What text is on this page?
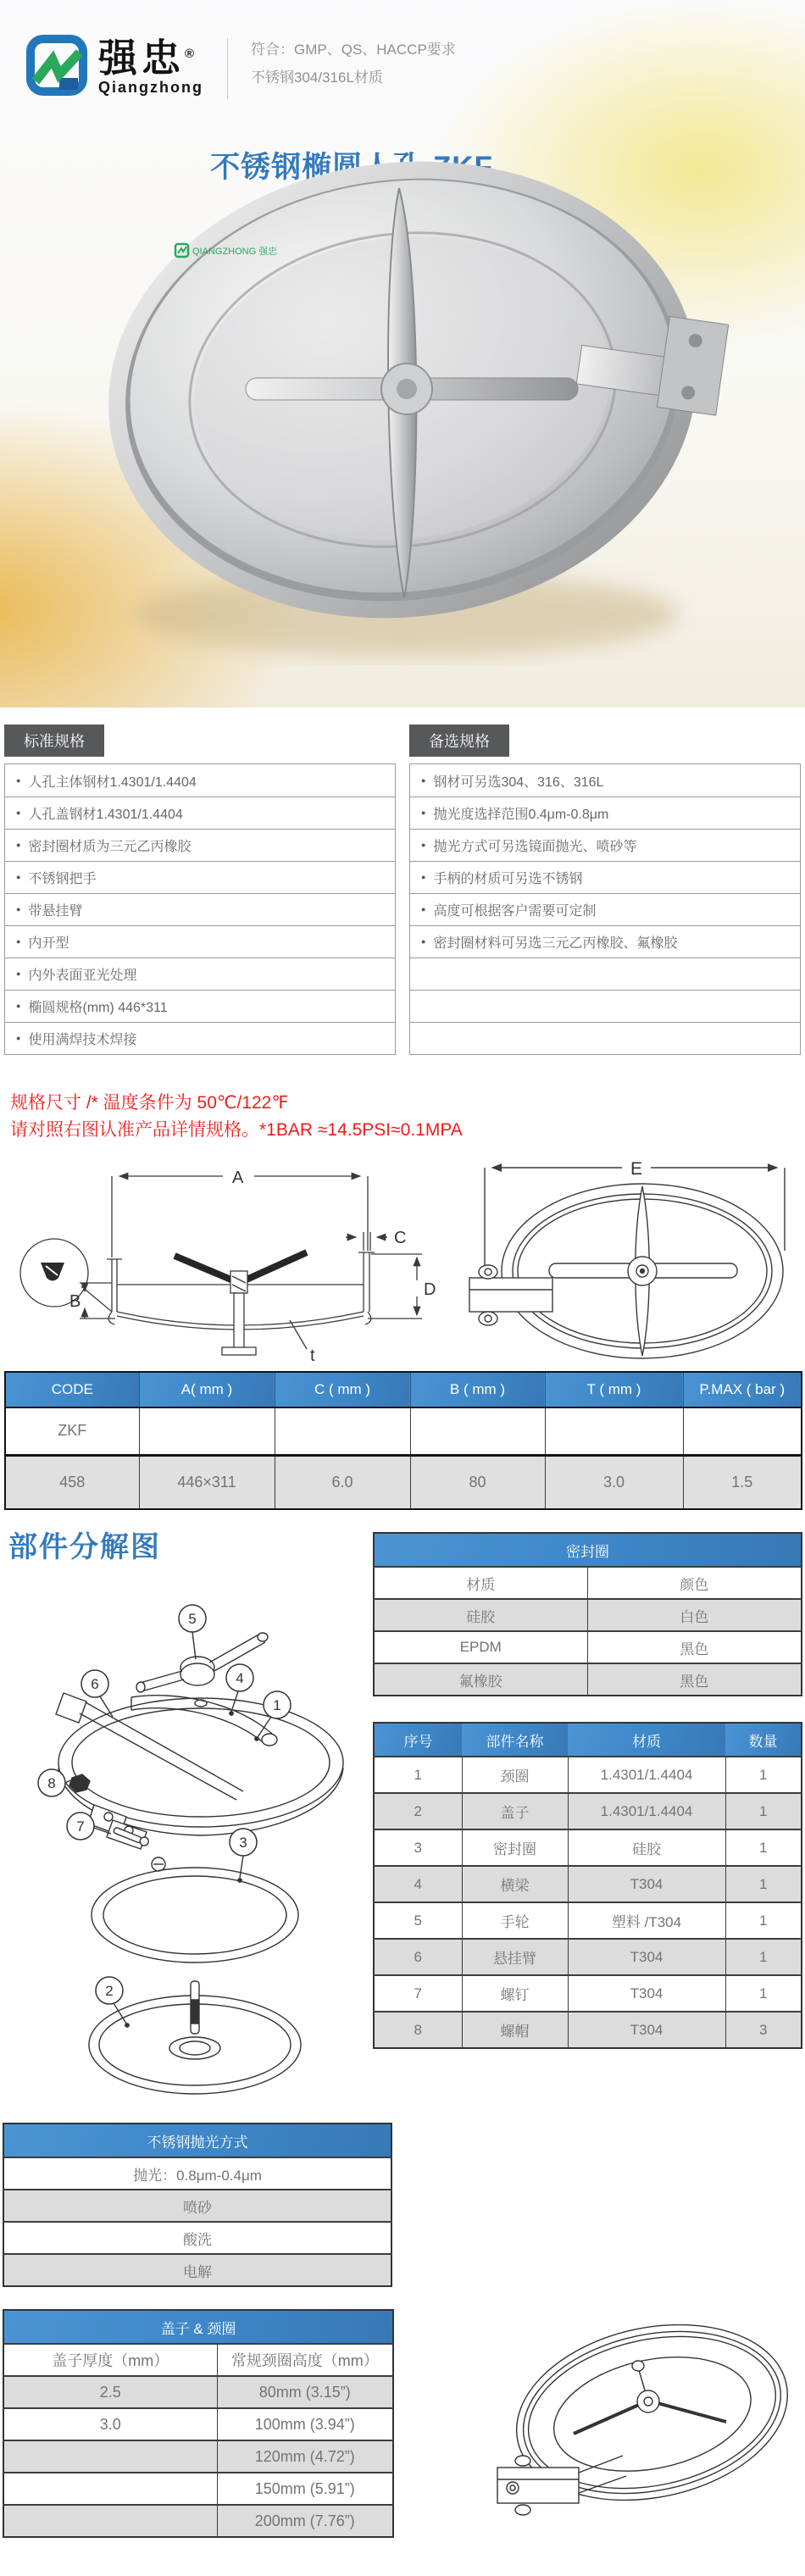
强忠®
Qiangzhong
符合：GMP、QS、HACCP要求
不锈钢304/316L材质
不锈钢椭圆人孔 ZKF
QIANGZHONG 强忠
标准规格
● 人孔主体钢材1.4301/1.4404
● 人孔盖钢材1.4301/1.4404
● 密封圈材质为三元乙丙橡胶
● 不锈钢把手
● 带悬挂臂
● 内开型
● 内外表面亚光处理
● 椭圆规格(mm) 446*311
● 使用满焊技术焊接
备选规格
● 钢材可另选304、316、316L
● 抛光度选择范围0.4μm-0.8μm
● 抛光方式可另选镜面抛光、喷砂等
● 手柄的材质可另选不锈钢
● 高度可根据客户需要可定制
● 密封圈材料可另选三元乙丙橡胶、氟橡胶
规格尺寸 /* 温度条件为 50℃/122℉
请对照右图认准产品详情规格。*1BAR ≈14.5PSI≈0.1MPA
A
C
B
D
t
E
CODE	A( mm )	C ( mm )	B ( mm )	T ( mm )	P.MAX ( bar )
ZKF					
458	446×311	6.0	80	3.0	1.5
部件分解图
5
4
6
1
8
7
3
2
密封圈	
材质	颜色
硅胶	白色
EPDM	黑色
氟橡胶	黑色
序号	部件名称	材质	数量
1	颈圈	1.4301/1.4404	1
2	盖子	1.4301/1.4404	1
3	密封圈	硅胶	1
4	横梁	T304	1
5	手轮	塑料 /T304	1
6	悬挂臂	T304	1
7	螺钉	T304	1
8	螺帽	T304	3
不锈钢抛光方式
抛光：0.8μm-0.4μm
喷砂
酸洗
电解
盖子 & 颈圈	
盖子厚度（mm）	常规颈圈高度（mm）
2.5	80mm (3.15”)
3.0	100mm (3.94”)
	120mm (4.72”)
	150mm (5.91”)
	200mm (7.76”)
